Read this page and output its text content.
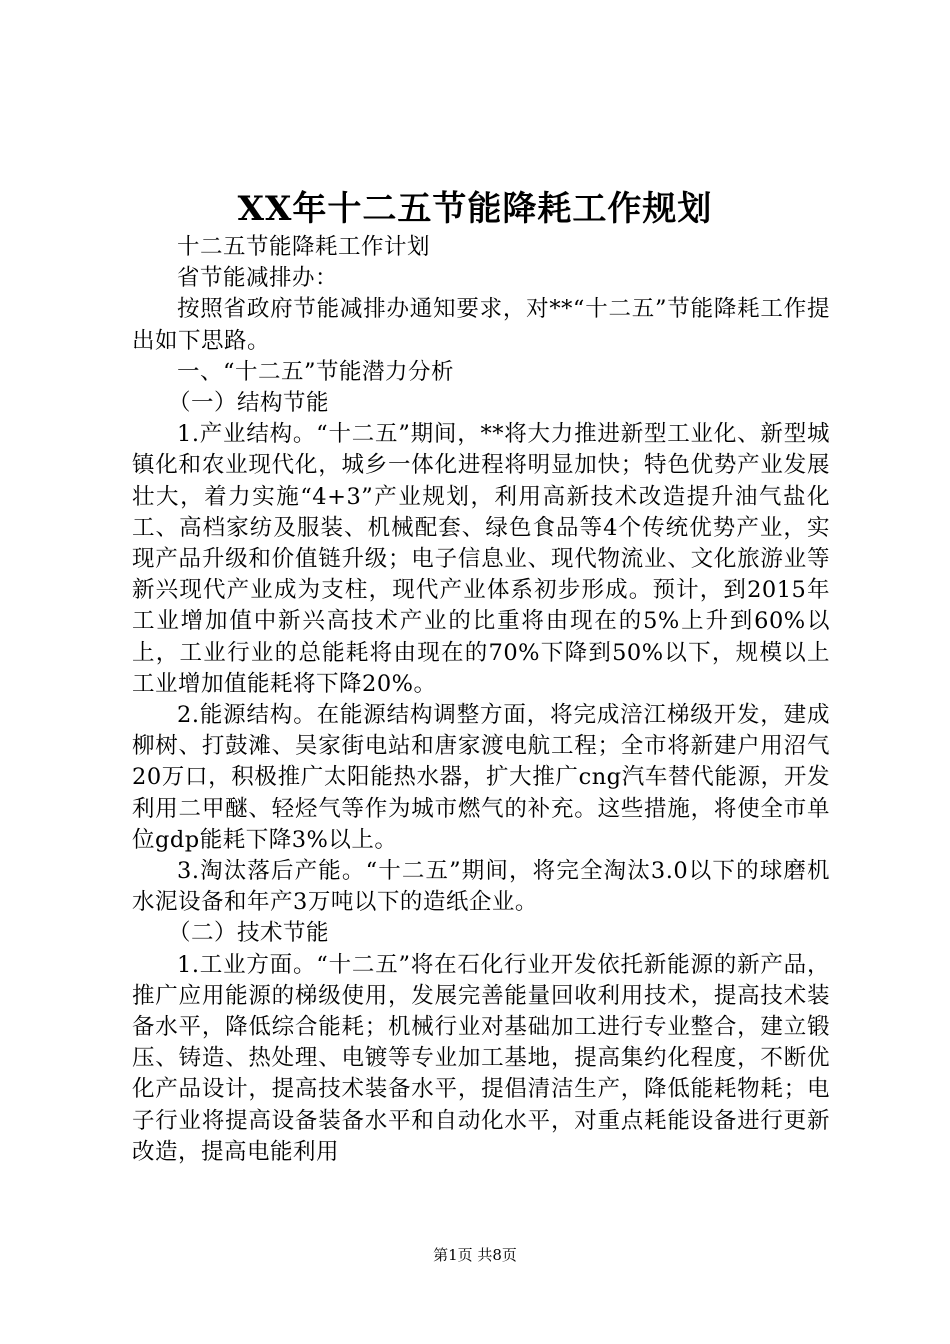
XX年十二五节能降耗工作规划

十二五节能降耗工作计划

省节能减排办：

按照省政府节能减排办通知要求，对**“十二五”节能降耗工作提出如下思路。

一、“十二五”节能潜力分析

（一）结构节能

1.产业结构。“十二五”期间，**将大力推进新型工业化、新型城镇化和农业现代化，城乡一体化进程将明显加快；特色优势产业发展壮大，着力实施“4+3”产业规划，利用高新技术改造提升油气盐化工、高档家纺及服装、机械配套、绿色食品等4个传统优势产业，实现产品升级和价值链升级；电子信息业、现代物流业、文化旅游业等新兴现代产业成为支柱，现代产业体系初步形成。预计，到2015年工业增加值中新兴高技术产业的比重将由现在的5%上升到60%以上，工业行业的总能耗将由现在的70%下降到50%以下，规模以上工业增加值能耗将下降20%。

2.能源结构。在能源结构调整方面，将完成涪江梯级开发，建成柳树、打鼓滩、吴家街电站和唐家渡电航工程；全市将新建户用沼气20万口，积极推广太阳能热水器，扩大推广cng汽车替代能源，开发利用二甲醚、轻烃气等作为城市燃气的补充。这些措施，将使全市单位gdp能耗下降3%以上。

3.淘汰落后产能。“十二五”期间，将完全淘汰3.0以下的球磨机水泥设备和年产3万吨以下的造纸企业。

（二）技术节能

1.工业方面。“十二五”将在石化行业开发依托新能源的新产品，推广应用能源的梯级使用，发展完善能量回收利用技术，提高技术装备水平，降低综合能耗；机械行业对基础加工进行专业整合，建立锻压、铸造、热处理、电镀等专业加工基地，提高集约化程度，不断优化产品设计，提高技术装备水平，提倡清洁生产，降低能耗物耗；电子行业将提高设备装备水平和自动化水平，对重点耗能设备进行更新改造，提高电能利用

第1页 共8页
